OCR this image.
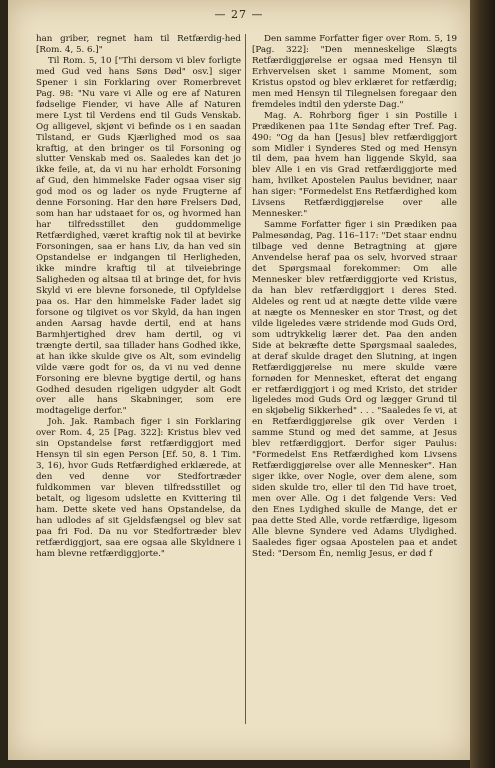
— 27 —

han griber, regnet ham til Retfærdig-hed [Rom. 4, 5. 6.]"

Til Rom. 5, 10 ["Thi dersom vi blev forligte med Gud ved hans Søns Død" osv.] siger Spener i sin Forklaring over Romerbrevet Pag. 98: "Nu vare vi Alle og ere af Naturen fødselige Fiender, vi have Alle af Naturen mere Lyst til Verdens end til Guds Venskab. Og alligevel, skjønt vi befinde os i en saadan Tilstand, er Guds Kjærlighed mod os saa kraftig, at den bringer os til Forsoning og slutter Venskab med os. Saaledes kan det jo ikke feile, at, da vi nu har erholdt Forsoning af Gud, den himmelske Fader ogsaa viser sig god mod os og lader os nyde Frugterne af denne Forsoning. Har den høre Frelsers Død, som han har udstaaet for os, og hvormed han har tilfredsstillet den guddommelige Retfærdighed, været kraftig nok til at bevirke Forsoningen, saa er hans Liv, da han ved sin Opstandelse er indgangen til Herligheden, ikke mindre kraftig til at tilveiebringe Saligheden og altsaa til at bringe det, for hvis Skyld vi ere blevne forsonede, til Opfyldelse paa os. Har den himmelske Fader ladet sig forsone og tilgivet os vor Skyld, da han ingen anden Aarsag havde dertil, end at hans Barmhjertighed drev ham dertil, og vi trængte dertil, saa tillader hans Godhed ikke, at han ikke skulde give os Alt, som evindelig vilde være godt for os, da vi nu ved denne Forsoning ere blevne bygtige dertil, og hans Godhed desuden rigeligen udgyder alt Godt over alle hans Skabninger, som ere modtagelige derfor."

Joh. Jak. Rambach figer i sin Forklaring over Rom. 4, 25 [Pag. 322]: Kristus blev ved sin Opstandelse først retfærdiggjort med Hensyn til sin egen Person [Ef. 50, 8. 1 Tim. 3, 16), hvor Guds Retfærdighed erklærede, at den ved denne vor Stedfortræder fuldkommen var bleven tilfredsstillet og betalt, og ligesom udslette en Kvittering til ham. Dette skete ved hans Opstandelse, da han udlodes af sit Gjeldsfængsel og blev sat paa fri Fod. Da nu vor Stedfortræder blev retfærdiggjort, saa ere ogsaa alle Skyldnere i ham blevne retfærdiggjorte."

Den samme Forfatter figer over Rom. 5, 19 [Pag. 322]: "Den menneskelige Slægts Retfærdiggjørelse er ogsaa med Hensyn til Erhvervelsen sket i samme Moment, som Kristus opstod og blev erklæret for retfærdig; men med Hensyn til Tilegnelsen foregaar den fremdeles indtil den yderste Dag."

Mag. A. Rohrborg figer i sin Postille i Prædikenen paa 11te Søndag efter Tref. Pag. 490: "Og da han [Jesus] blev retfærdiggjort som Midler i Synderes Sted og med Hensyn til dem, paa hvem han liggende Skyld, saa blev Alle i en vis Grad retfærdiggjorte med ham, hvilket Apostelen Paulus bevidner, naar han siger: "Formedelst Ens Retfærdighed kom Livsens Retfærdiggjørelse over alle Mennesker."

Samme Forfatter figer i sin Prædiken paa Palmesøndag, Pag. 116–117: "Det staar endnu tilbage ved denne Betragtning at gjøre Anvendelse heraf paa os selv, hvorved straar det Spørgsmaal forekommer: Om alle Mennesker blev retfærdiggjorte ved Kristus, da han blev retfærdiggjort i deres Sted. Aldeles og rent ud at nægte dette vilde være at nægte os Mennesker en stor Trøst, og det vilde ligeledes være stridende mod Guds Ord, som udtrykkelig lærer det. Paa den anden Side at bekræfte dette Spørgsmaal saaledes, at deraf skulde draget den Slutning, at ingen Retfærdiggjørelse nu mere skulde være fornøden for Mennesket, efterat det engang er retfærdiggjort i og med Kristo, det strider ligeledes mod Guds Ord og lægger Grund til en skjøbelig Sikkerhed" . . . "Saaledes ſe vi, at en Retfærdiggjørelse gik over Verden i samme Stund og med det samme, at Jesus blev retfærdiggjort. Derfor siger Paulus: "Formedelst Ens Retfærdighed kom Livsens Retfærdiggjørelse over alle Mennesker". Han siger ikke, over Nogle, over dem alene, som siden skulde tro, eller til den Tid have troet, men over Alle. Og i det følgende Vers: Ved den Enes Lydighed skulle de Mange, det er paa dette Sted Alle, vorde retfærdige, ligesom Alle blevne Syndere ved Adams Ulydighed. Saaledes figer ogsaa Apostelen paa et andet Sted: "Dersom Én, nemlig Jesus, er død f
